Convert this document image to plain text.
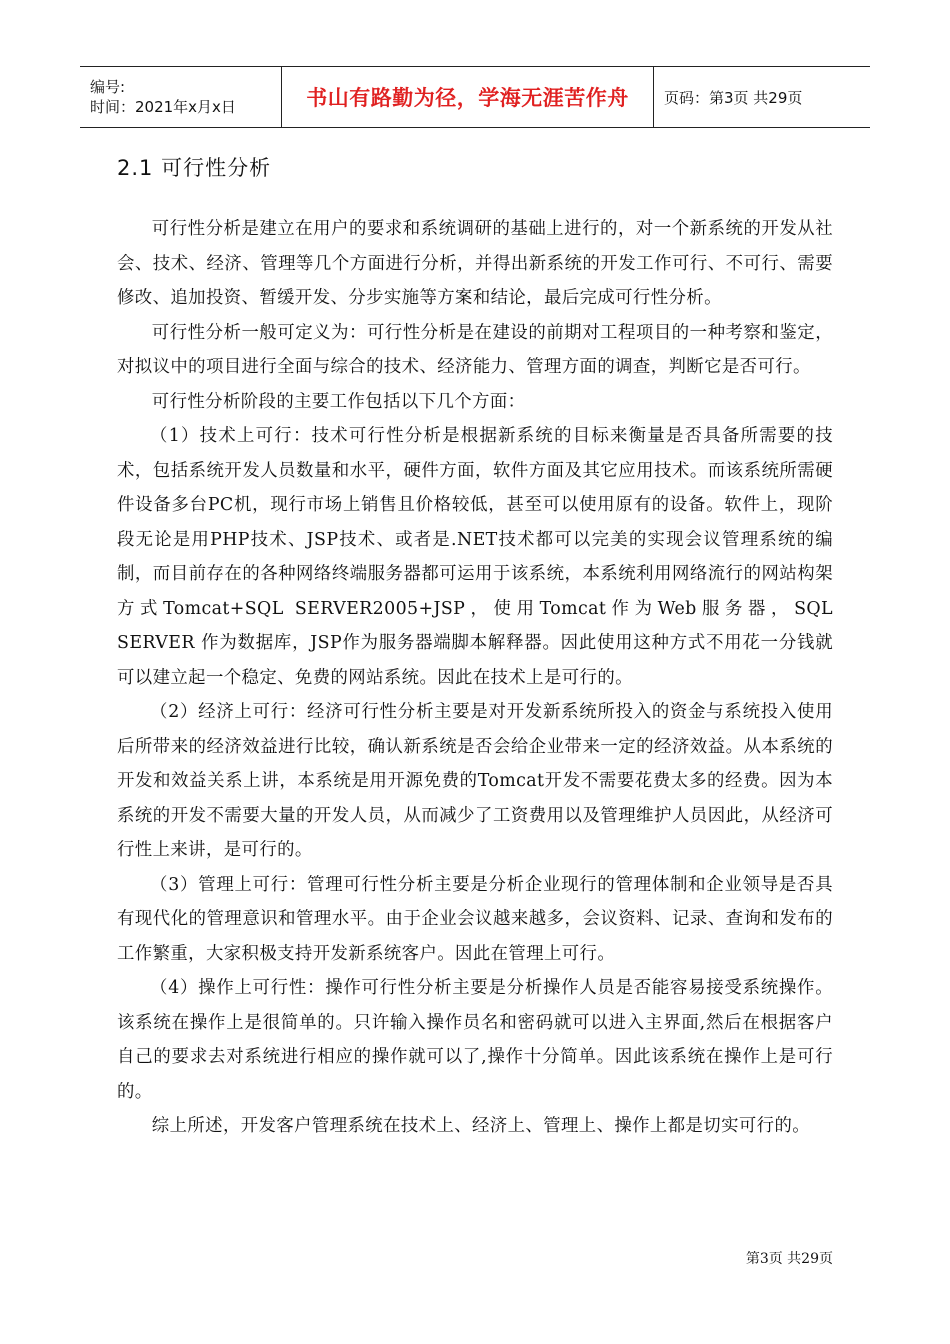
编号:
时间：2021年x月x日	书山有路勤为径，学海无涯苦作舟 页码：第3页 共29页
2.1 可行性分析

可行性分析是建立在用户的要求和系统调研的基础上进行的，对一个新系统的开发从社会、技术、经济、管理等几个方面进行分析，并得出新系统的开发工作可行、不可行、需要修改、追加投资、暂缓开发、分步实施等方案和结论，最后完成可行性分析。

可行性分析一般可定义为：可行性分析是在建设的前期对工程项目的一种考察和鉴定，对拟议中的项目进行全面与综合的技术、经济能力、管理方面的调查，判断它是否可行。

可行性分析阶段的主要工作包括以下几个方面：

（1）技术上可行：技术可行性分析是根据新系统的目标来衡量是否具备所需要的技术，包括系统开发人员数量和水平，硬件方面，软件方面及其它应用技术。而该系统所需硬件设备多台PC机，现行市场上销售且价格较低，甚至可以使用原有的设备。软件上，现阶段无论是用PHP技术、JSP技术、或者是.NET技术都可以完美的实现会议管理系统的编制，而目前存在的各种网络终端服务器都可运用于该系统，本系统利用网络流行的网站构架方式Tomcat+SQL SERVER2005+JSP，使用Tomcat作为Web服务器，SQL SERVER 作为数据库，JSP作为服务器端脚本解释器。因此使用这种方式不用花一分钱就可以建立起一个稳定、免费的网站系统。因此在技术上是可行的。

（2）经济上可行：经济可行性分析主要是对开发新系统所投入的资金与系统投入使用后所带来的经济效益进行比较，确认新系统是否会给企业带来一定的经济效益。从本系统的开发和效益关系上讲，本系统是用开源免费的Tomcat开发不需要花费太多的经费。因为本系统的开发不需要大量的开发人员，从而减少了工资费用以及管理维护人员因此，从经济可行性上来讲，是可行的。

（3）管理上可行：管理可行性分析主要是分析企业现行的管理体制和企业领导是否具有现代化的管理意识和管理水平。由于企业会议越来越多，会议资料、记录、查询和发布的工作繁重，大家积极支持开发新系统客户。因此在管理上可行。

（4）操作上可行性：操作可行性分析主要是分析操作人员是否能容易接受系统操作。该系统在操作上是很简单的。只许输入操作员名和密码就可以进入主界面,然后在根据客户自己的要求去对系统进行相应的操作就可以了,操作十分简单。因此该系统在操作上是可行的。

综上所述，开发客户管理系统在技术上、经济上、管理上、操作上都是切实可行的。

第3页 共29页
